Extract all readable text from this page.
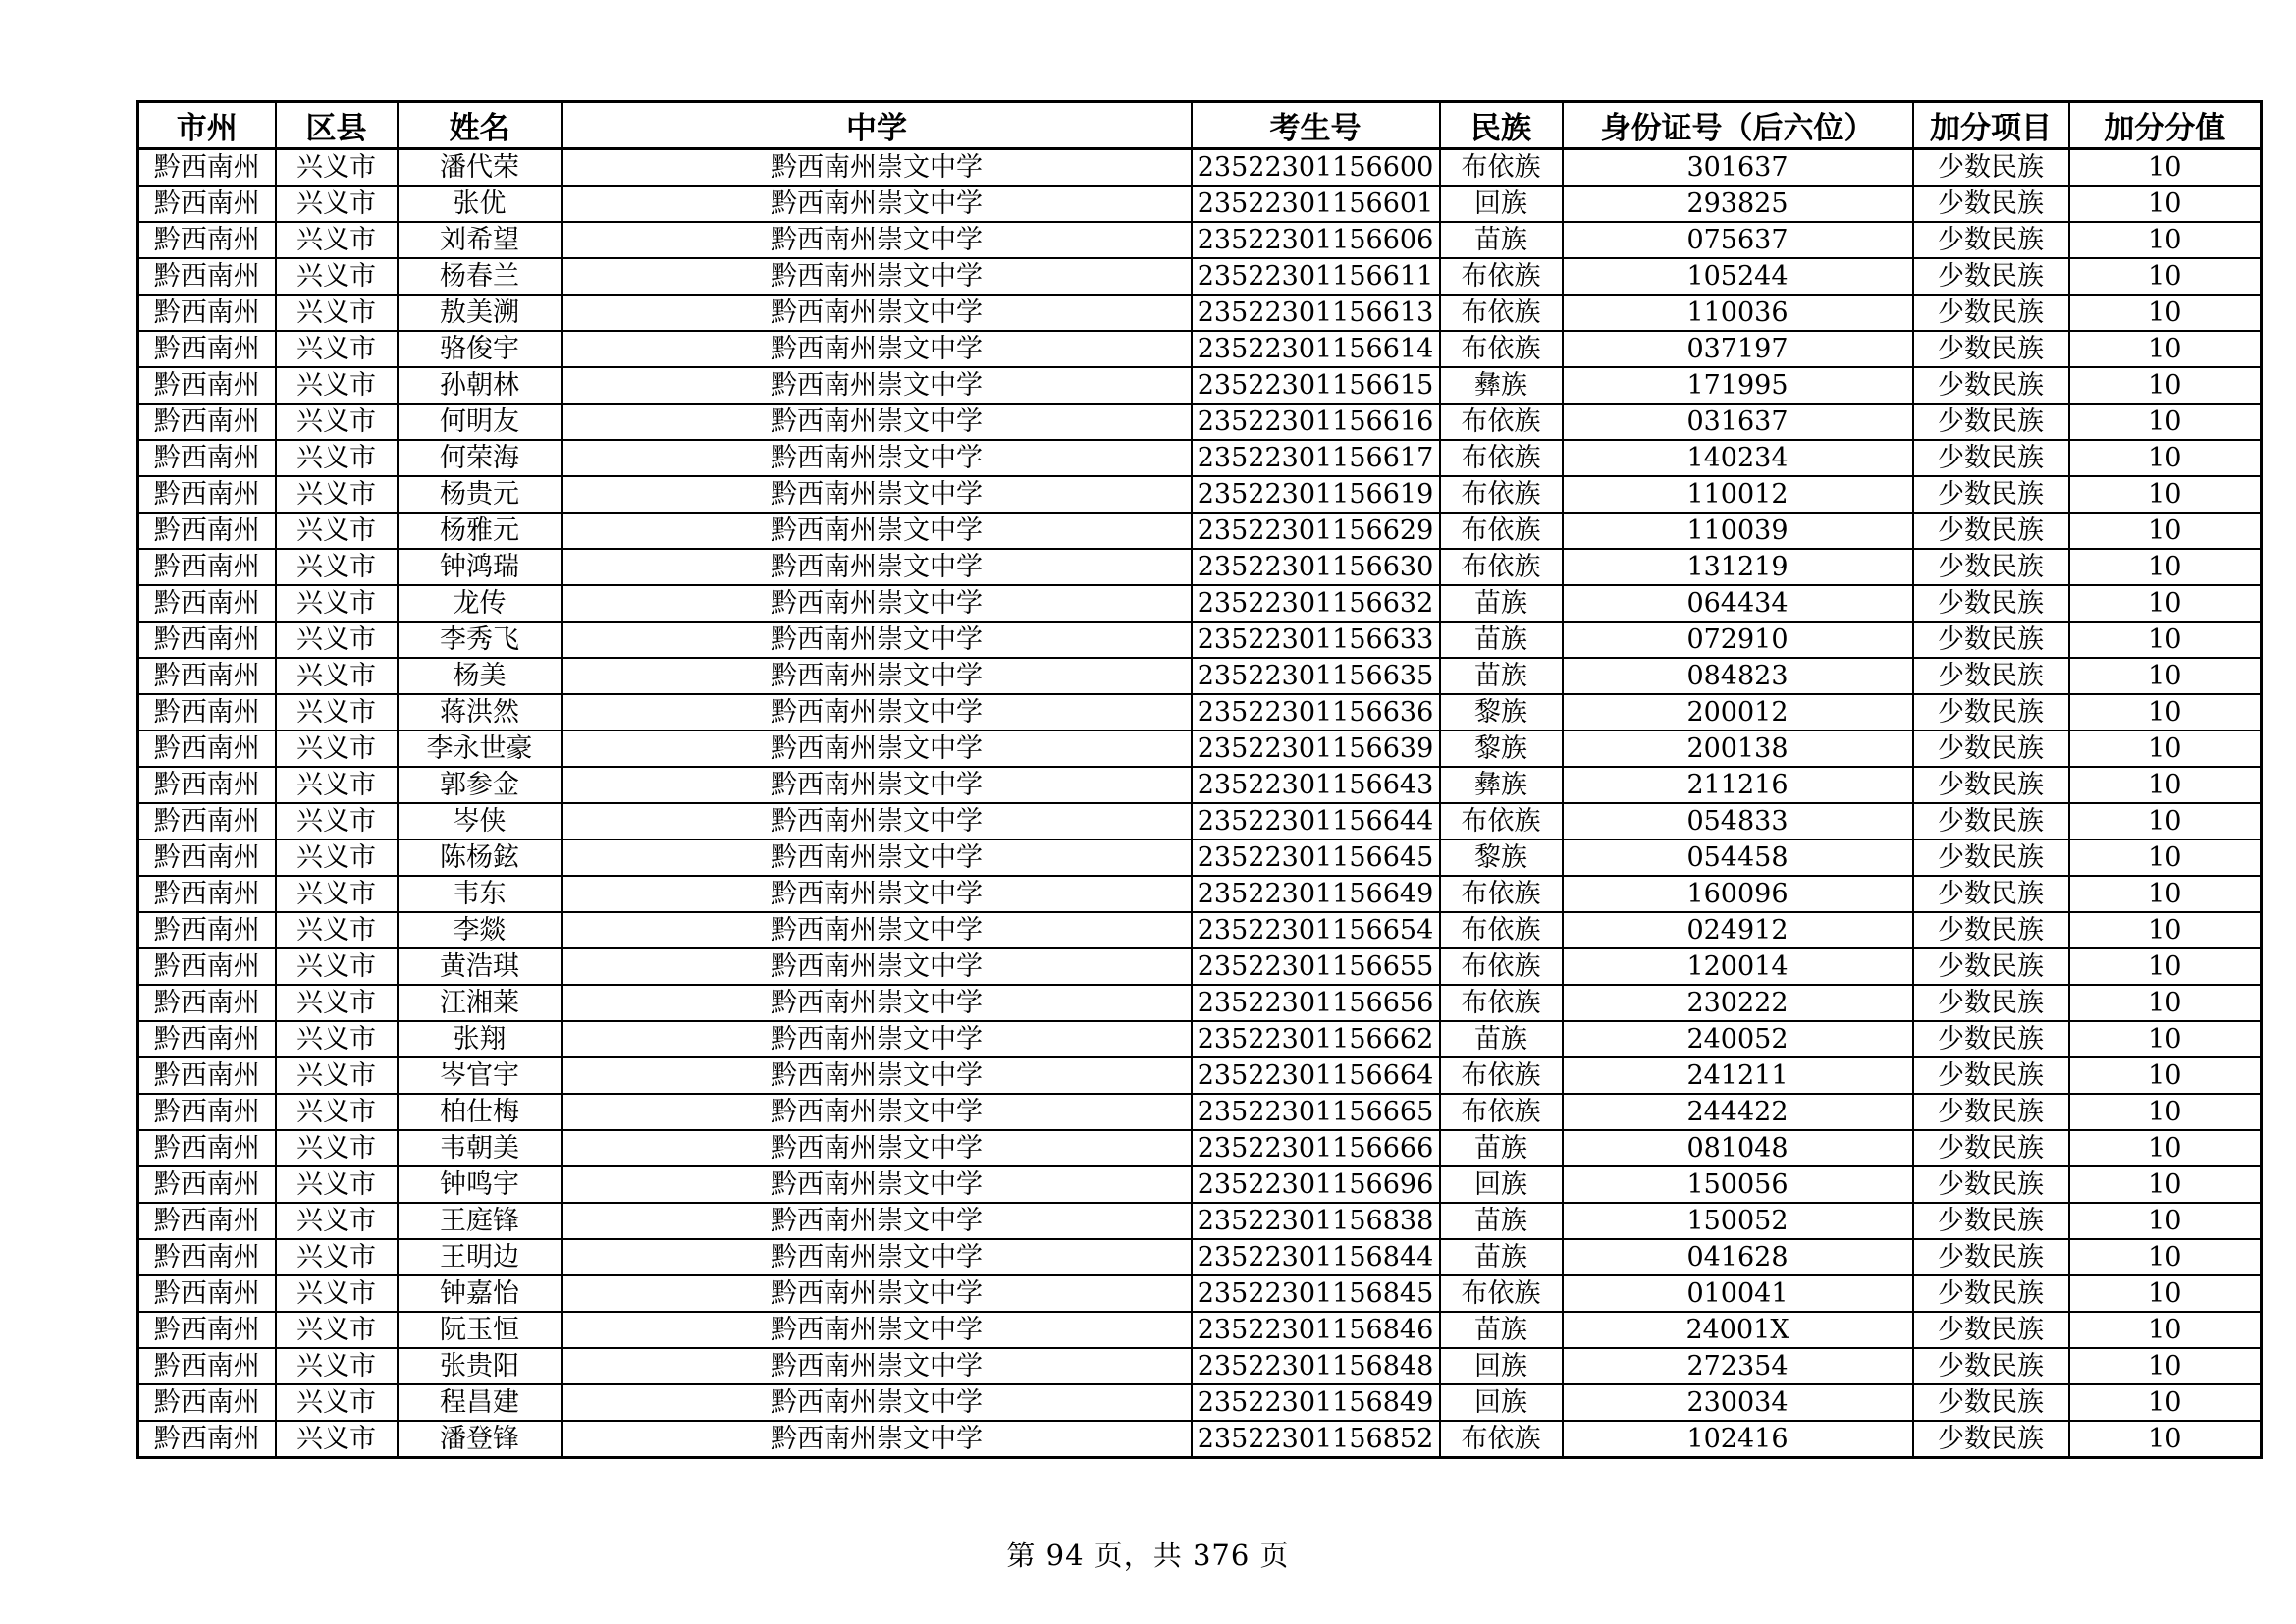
市州	区县	姓名	中学	考生号	民族	身份证号（后六位）	加分项目	加分分值
黔西南州	兴义市	潘代荣	黔西南州崇文中学	23522301156600	布依族	301637	少数民族	10
黔西南州	兴义市	张优	黔西南州崇文中学	23522301156601	回族	293825	少数民族	10
黔西南州	兴义市	刘希望	黔西南州崇文中学	23522301156606	苗族	075637	少数民族	10
黔西南州	兴义市	杨春兰	黔西南州崇文中学	23522301156611	布依族	105244	少数民族	10
黔西南州	兴义市	敖美溯	黔西南州崇文中学	23522301156613	布依族	110036	少数民族	10
黔西南州	兴义市	骆俊宇	黔西南州崇文中学	23522301156614	布依族	037197	少数民族	10
黔西南州	兴义市	孙朝林	黔西南州崇文中学	23522301156615	彝族	171995	少数民族	10
黔西南州	兴义市	何明友	黔西南州崇文中学	23522301156616	布依族	031637	少数民族	10
黔西南州	兴义市	何荣海	黔西南州崇文中学	23522301156617	布依族	140234	少数民族	10
黔西南州	兴义市	杨贵元	黔西南州崇文中学	23522301156619	布依族	110012	少数民族	10
黔西南州	兴义市	杨雅元	黔西南州崇文中学	23522301156629	布依族	110039	少数民族	10
黔西南州	兴义市	钟鸿瑞	黔西南州崇文中学	23522301156630	布依族	131219	少数民族	10
黔西南州	兴义市	龙传	黔西南州崇文中学	23522301156632	苗族	064434	少数民族	10
黔西南州	兴义市	李秀飞	黔西南州崇文中学	23522301156633	苗族	072910	少数民族	10
黔西南州	兴义市	杨美	黔西南州崇文中学	23522301156635	苗族	084823	少数民族	10
黔西南州	兴义市	蒋洪然	黔西南州崇文中学	23522301156636	黎族	200012	少数民族	10
黔西南州	兴义市	李永世豪	黔西南州崇文中学	23522301156639	黎族	200138	少数民族	10
黔西南州	兴义市	郭参金	黔西南州崇文中学	23522301156643	彝族	211216	少数民族	10
黔西南州	兴义市	岑侠	黔西南州崇文中学	23522301156644	布依族	054833	少数民族	10
黔西南州	兴义市	陈杨鉉	黔西南州崇文中学	23522301156645	黎族	054458	少数民族	10
黔西南州	兴义市	韦东	黔西南州崇文中学	23522301156649	布依族	160096	少数民族	10
黔西南州	兴义市	李燚	黔西南州崇文中学	23522301156654	布依族	024912	少数民族	10
黔西南州	兴义市	黄浩琪	黔西南州崇文中学	23522301156655	布依族	120014	少数民族	10
黔西南州	兴义市	汪湘莱	黔西南州崇文中学	23522301156656	布依族	230222	少数民族	10
黔西南州	兴义市	张翔	黔西南州崇文中学	23522301156662	苗族	240052	少数民族	10
黔西南州	兴义市	岑官宇	黔西南州崇文中学	23522301156664	布依族	241211	少数民族	10
黔西南州	兴义市	柏仕梅	黔西南州崇文中学	23522301156665	布依族	244422	少数民族	10
黔西南州	兴义市	韦朝美	黔西南州崇文中学	23522301156666	苗族	081048	少数民族	10
黔西南州	兴义市	钟鸣宇	黔西南州崇文中学	23522301156696	回族	150056	少数民族	10
黔西南州	兴义市	王庭锋	黔西南州崇文中学	23522301156838	苗族	150052	少数民族	10
黔西南州	兴义市	王明边	黔西南州崇文中学	23522301156844	苗族	041628	少数民族	10
黔西南州	兴义市	钟嘉怡	黔西南州崇文中学	23522301156845	布依族	010041	少数民族	10
黔西南州	兴义市	阮玉恒	黔西南州崇文中学	23522301156846	苗族	24001X	少数民族	10
黔西南州	兴义市	张贵阳	黔西南州崇文中学	23522301156848	回族	272354	少数民族	10
黔西南州	兴义市	程昌建	黔西南州崇文中学	23522301156849	回族	230034	少数民族	10
黔西南州	兴义市	潘登锋	黔西南州崇文中学	23522301156852	布依族	102416	少数民族	10
第 94 页，共 376 页
